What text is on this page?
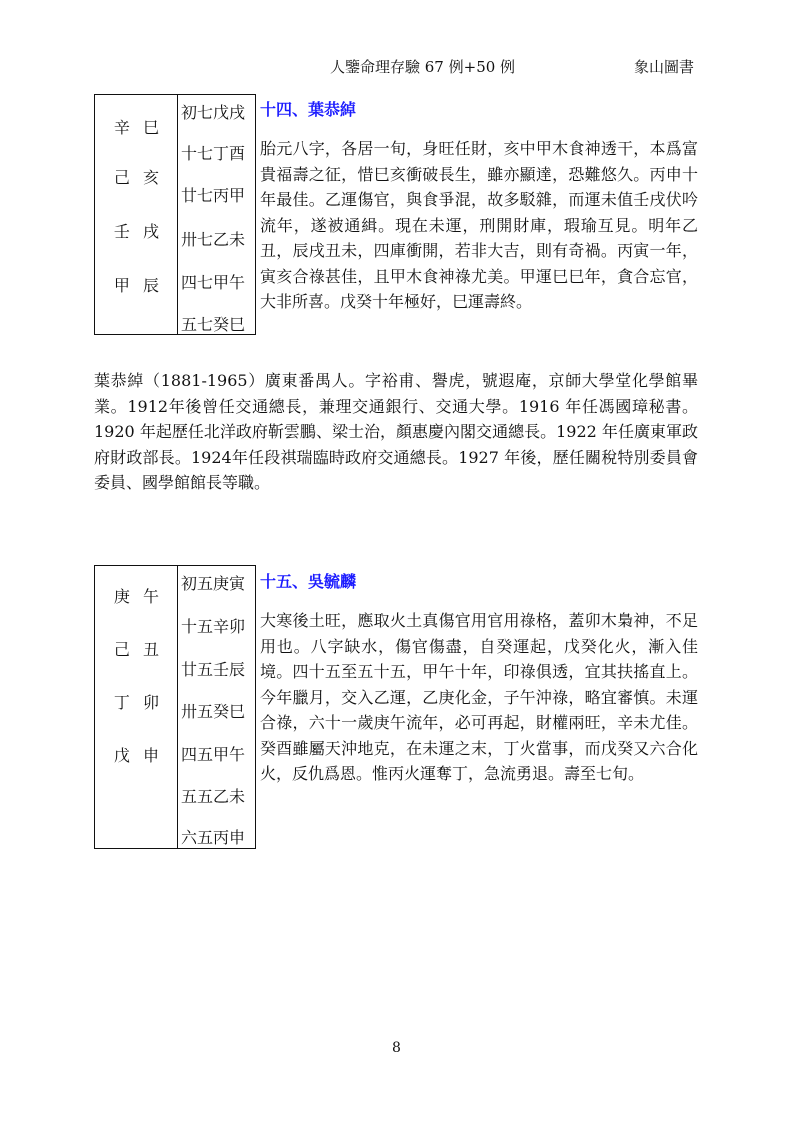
人鑒命理存驗 67 例+50 例	象山圖書
辛 巳
己 亥
壬 戌
甲 辰
初七戊戌
十七丁酉
廿七丙甲
卅七乙未
四七甲午
五七癸巳
十四、葉恭綽
胎元八字，各居一旬，身旺任財，亥中甲木食神透干，本爲富貴福壽之征，惜巳亥衝破長生，雖亦顯達，恐難悠久。丙申十年最佳。乙運傷官，與食爭混，故多駁雜，而運未值壬戌伏吟流年，遂被通緝。現在未運，刑開財庫，瑕瑜互見。明年乙丑，辰戌丑未，四庫衝開，若非大吉，則有奇禍。丙寅一年，寅亥合祿甚佳，且甲木食神祿尤美。甲運巳巳年，貪合忘官，大非所喜。戊癸十年極好，巳運壽終。
葉恭綽（1881-1965）廣東番禺人。字裕甫、譽虎，號遐庵，京師大學堂化學館畢業。1912年後曾任交通總長，兼理交通銀行、交通大學。1916 年任馮國璋秘書。1920 年起歷任北洋政府靳雲鵬、梁士治，顏惠慶內閣交通總長。1922 年任廣東軍政府財政部長。1924年任段祺瑞臨時政府交通總長。1927 年後，歷任關稅特別委員會委員、國學館館長等職。
庚 午
己 丑
丁 卯
戊 申
初五庚寅
十五辛卯
廿五壬辰
卅五癸巳
四五甲午
五五乙未
六五丙申
十五、吳毓麟
大寒後土旺，應取火土真傷官用官用祿格，蓋卯木梟神，不足用也。八字缺水，傷官傷盡，自癸運起，戊癸化火，漸入佳境。四十五至五十五，甲午十年，印祿俱透，宜其扶搖直上。今年臘月，交入乙運，乙庚化金，子午沖祿，略宜審慎。未運合祿，六十一歲庚午流年，必可再起，財權兩旺，辛未尤佳。癸酉雖屬天沖地克，在未運之末，丁火當事，而戊癸又六合化火，反仇爲恩。惟丙火運奪丁，急流勇退。壽至七旬。
8
